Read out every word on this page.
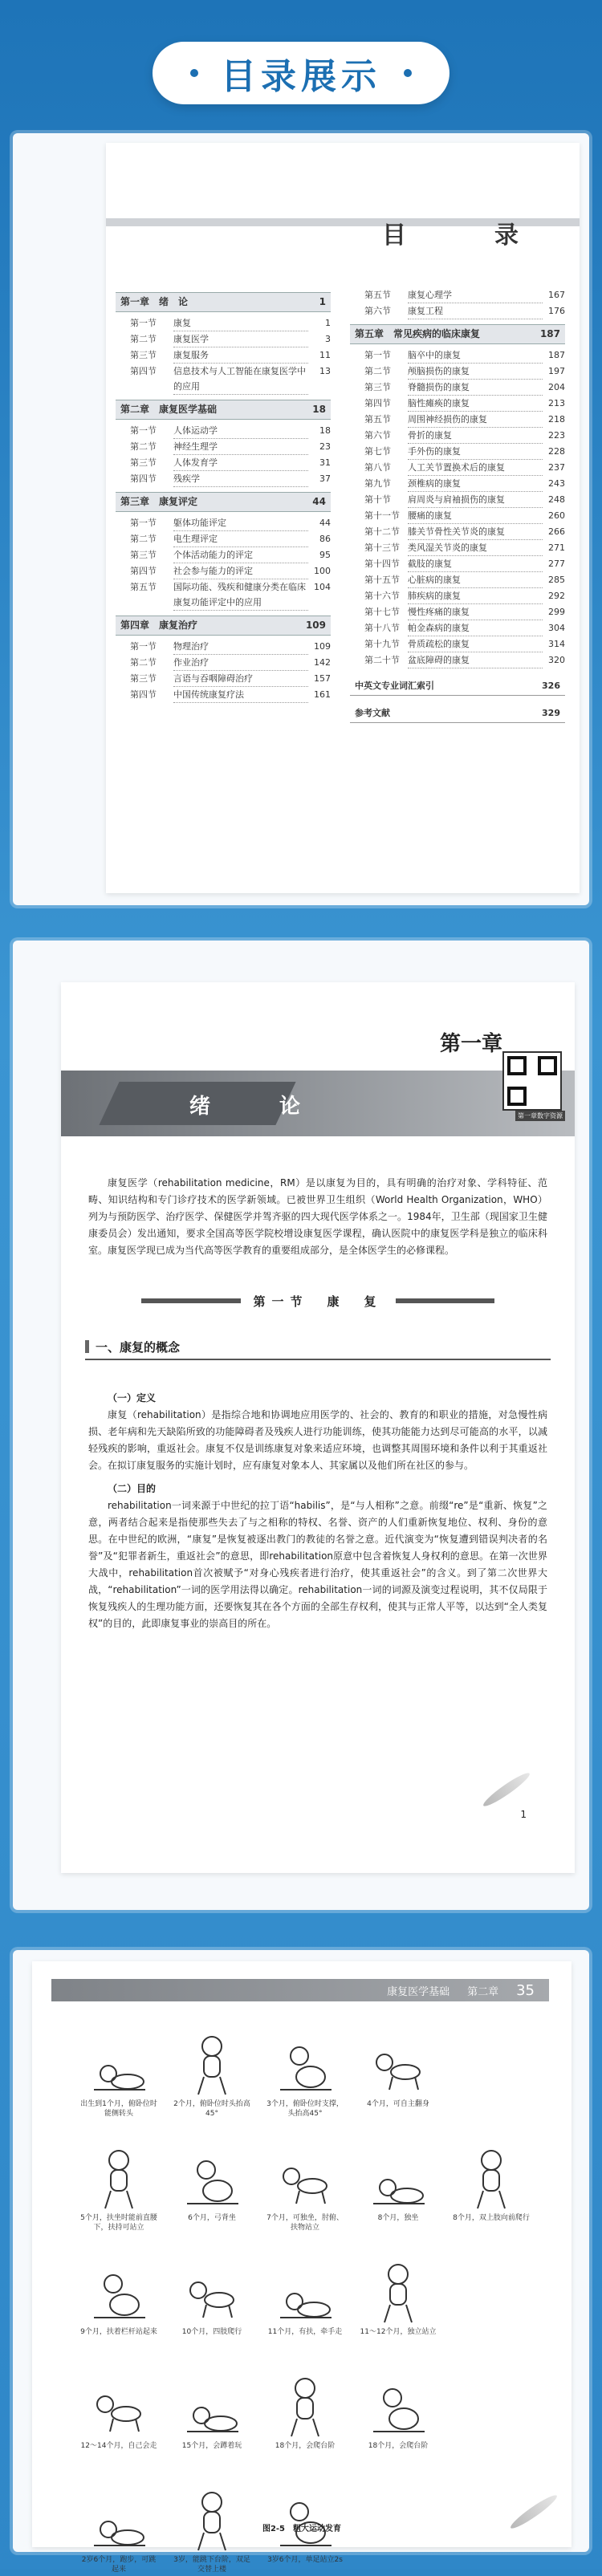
目录展示
目　录
第一章　绪　论	1
第一节	康复	1
第二节	康复医学	3
第三节	康复服务	11
第四节	信息技术与人工智能在康复医学中的应用
13
第二章　康复医学基础	18
第一节	人体运动学	18
第二节	神经生理学	23
第三节	人体发育学	31
第四节	残疾学	37
第三章　康复评定	44
第一节	躯体功能评定	44
第二节	电生理评定	86
第三节	个体活动能力的评定	95
第四节	社会参与能力的评定	100
第五节	国际功能、残疾和健康分类在临床康复功能评定中的应用
104
第四章　康复治疗	109
第一节	物理治疗	109
第二节	作业治疗	142
第三节	言语与吞咽障碍治疗	157
第四节	中国传统康复疗法	161
第五节	康复心理学	167
第六节	康复工程	176
第五章　常见疾病的临床康复	187
第一节	脑卒中的康复	187
第二节	颅脑损伤的康复	197
第三节	脊髓损伤的康复	204
第四节	脑性瘫痪的康复	213
第五节	周围神经损伤的康复	218
第六节	骨折的康复	223
第七节	手外伤的康复	228
第八节	人工关节置换术后的康复	237
第九节	颈椎病的康复	243
第十节	肩周炎与肩袖损伤的康复	248
第十一节 腰痛的康复	260
第十二节 膝关节骨性关节炎的康复	266
第十三节 类风湿关节炎的康复	271
第十四节 截肢的康复	277
第十五节 心脏病的康复	285
第十六节 肺疾病的康复	292
第十七节 慢性疼痛的康复	299
第十八节 帕金森病的康复	304
第十九节 骨质疏松的康复	314
第二十节 盆底障碍的康复	320
中英文专业词汇索引	326
参考文献	329
第一章
绪　论	第一章数字资源
康复医学（rehabilitation medicine，RM）是以康复为目的，具有明确的治疗对象、学科特征、范畴、知识结构和专门诊疗技术的医学新领域。已被世界卫生组织（World Health Organization，WHO）列为与预防医学、治疗医学、保健医学并驾齐驱的四大现代医学体系之一。1984年，卫生部（现国家卫生健康委员会）发出通知，要求全国高等医学院校增设康复医学课程，确认医院中的康复医学科是独立的临床科室。康复医学现已成为当代高等医学教育的重要组成部分，是全体医学生的必修课程。
第一节　康　复
一、康复的概念
（一）定义
康复（rehabilitation）是指综合地和协调地应用医学的、社会的、教育的和职业的措施，对急慢性病损、老年病和先天缺陷所致的功能障碍者及残疾人进行功能训练，使其功能能力达到尽可能高的水平，以减轻残疾的影响，重返社会。康复不仅是训练康复对象来适应环境，也调整其周围环境和条件以利于其重返社会。在拟订康复服务的实施计划时，应有康复对象本人、其家属以及他们所在社区的参与。
（二）目的
rehabilitation一词来源于中世纪的拉丁语“habilis”，是“与人相称”之意。前缀“re”是“重新、恢复”之意，两者结合起来是指使那些失去了与之相称的特权、名誉、资产的人们重新恢复地位、权利、身份的意思。在中世纪的欧洲，“康复”是恢复被逐出教门的教徒的名誉之意。近代演变为“恢复遭到错误判决者的名誉”及“犯罪者新生，重返社会”的意思，即rehabilitation原意中包含着恢复人身权利的意思。在第一次世界大战中，rehabilitation首次被赋予“对身心残疾者进行治疗，使其重返社会”的含义。到了第二次世界大战，“rehabilitation”一词的医学用法得以确定。rehabilitation一词的词源及演变过程说明，其不仅局限于恢复残疾人的生理功能方面，还要恢复其在各个方面的全部生存权利，使其与正常人平等，以达到“全人类复权”的目的，此即康复事业的崇高目的所在。
1
康复医学基础 第二章 35
出生到1个月，俯卧位时能侧转头
2个月，俯卧位时头抬高45°
3个月，俯卧位时支撑，头抬高45°
4个月，可自主翻身
5个月，扶坐时能前直腰下，扶持可站立
6个月，弓背坐	7个月，可独坐，肘俯、扶物站立
8个月，独坐	8个月，双上肢向前爬行
9个月，扶着栏杆站起来	10个月，四肢爬行	11个月，有扶，牵手走 11～12个月，独立站立
12～14个月，自己会走	15个月，会蹲着玩	18个月，会爬台阶	18个月，会爬台阶
2岁6个月，跑步，可跳起来
3岁，能跳下台阶，双足交替上楼
3岁6个月，单足站立2s
图2-5　粗大运动发育
